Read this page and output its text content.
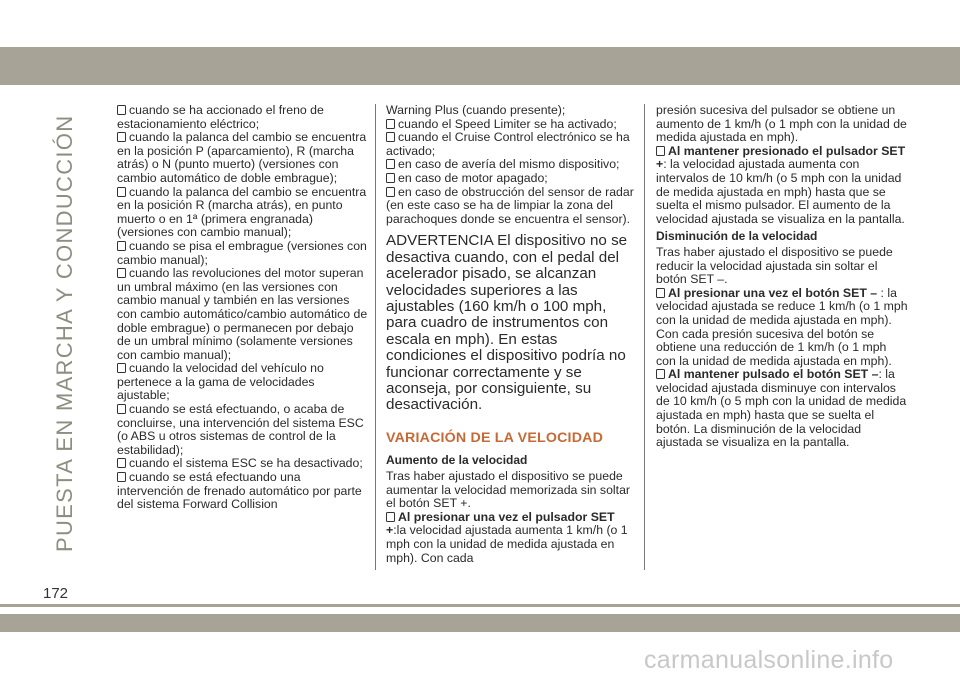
PUESTA EN MARCHA Y CONDUCCIÓN

cuando se ha accionado el freno de estacionamiento eléctrico;

cuando la palanca del cambio se encuentra en la posición P (aparcamiento), R (marcha atrás) o N (punto muerto) (versiones con cambio automático de doble embrague);

cuando la palanca del cambio se encuentra en la posición R (marcha atrás), en punto muerto o en 1ª (primera engranada) (versiones con cambio manual);

cuando se pisa el embrague (versiones con cambio manual);

cuando las revoluciones del motor superan un umbral máximo (en las versiones con cambio manual y también en las versiones con cambio automático/cambio automático de doble embrague) o permanecen por debajo de un umbral mínimo (solamente versiones con cambio manual);

cuando la velocidad del vehículo no pertenece a la gama de velocidades ajustable;

cuando se está efectuando, o acaba de concluirse, una intervención del sistema ESC (o ABS u otros sistemas de control de la estabilidad);

cuando el sistema ESC se ha desactivado;

cuando se está efectuando una intervención de frenado automático por parte del sistema Forward Collision

Warning Plus (cuando presente);

cuando el Speed Limiter se ha activado;

cuando el Cruise Control electrónico se ha activado;

en caso de avería del mismo dispositivo;

en caso de motor apagado;

en caso de obstrucción del sensor de radar (en este caso se ha de limpiar la zona del parachoques donde se encuentra el sensor).

ADVERTENCIA El dispositivo no se desactiva cuando, con el pedal del acelerador pisado, se alcanzan velocidades superiores a las ajustables (160 km/h o 100 mph, para cuadro de instrumentos con escala en mph). En estas condiciones el dispositivo podría no funcionar correctamente y se aconseja, por consiguiente, su desactivación.

VARIACIÓN DE LA VELOCIDAD
Aumento de la velocidad

Tras haber ajustado el dispositivo se puede aumentar la velocidad memorizada sin soltar el botón SET +.

Al presionar una vez el pulsador SET +:la velocidad ajustada aumenta 1 km/h (o 1 mph con la unidad de medida ajustada en mph). Con cada

presión sucesiva del pulsador se obtiene un aumento de 1 km/h (o 1 mph con la unidad de medida ajustada en mph).

Al mantener presionado el pulsador SET +: la velocidad ajustada aumenta con intervalos de 10 km/h (o 5 mph con la unidad de medida ajustada en mph) hasta que se suelta el mismo pulsador. El aumento de la velocidad ajustada se visualiza en la pantalla.

Disminución de la velocidad

Tras haber ajustado el dispositivo se puede reducir la velocidad ajustada sin soltar el botón SET –.

Al presionar una vez el botón SET – : la velocidad ajustada se reduce 1 km/h (o 1 mph con la unidad de medida ajustada en mph). Con cada presión sucesiva del botón se obtiene una reducción de 1 km/h (o 1 mph con la unidad de medida ajustada en mph).

Al mantener pulsado el botón SET –: la velocidad ajustada disminuye con intervalos de 10 km/h (o 5 mph con la unidad de medida ajustada en mph) hasta que se suelta el botón. La disminución de la velocidad ajustada se visualiza en la pantalla.

172
carmanualsonline.info
